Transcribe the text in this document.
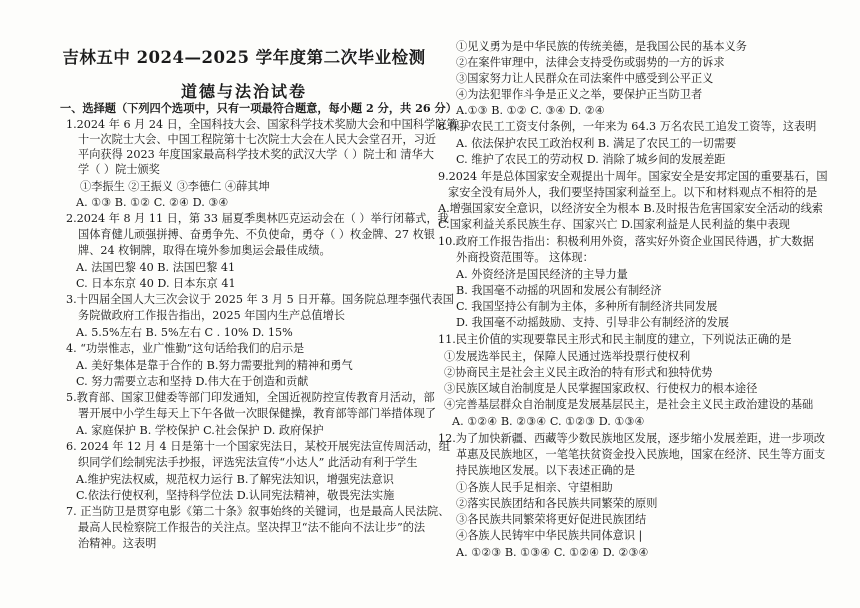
吉林五中 2024—2025 学年度第二次毕业检测
道德与法治试卷
一、选择题（下列四个选项中，只有一项最符合题意，每小题 2 分，共 26 分）
1.2024 年 6 月 24 日，全国科技大会、国家科学技术奖励大会和中国科学院第二
十一次院士大会、中国工程院第十七次院士大会在人民大会堂召开，习近
平向获得 2023 年度国家最高科学技术奖的武汉大学（ ）院士和 清华大
学（ ）院士颁奖
①李振生 ②王振义 ③李德仁 ④薛其坤
A. ①③ B. ①② C. ②④ D. ③④
2.2024 年 8 月 11 日，第 33 届夏季奥林匹克运动会在（ ）举行闭幕式，我
国体育健儿顽强拼搏、奋勇争先、不负使命，勇夺（ ）枚金牌、27 枚银
牌、24 枚铜牌，取得在境外参加奥运会最佳成绩。
A. 法国巴黎 40 B. 法国巴黎 41
C. 日本东京 40 D. 日本东京 41
3.十四届全国人大三次会议于 2025 年 3 月 5 日开幕。国务院总理李强代表国
务院做政府工作报告指出，2025 年国内生产总值增长
A. 5.5%左右 B. 5%左右 C . 10% D. 15%
4. “功崇惟志，业广惟勤”这句话给我们的启示是
A. 美好集体是靠于合作的 B.努力需要批判的精神和勇气
C. 努力需要立志和坚持 D.伟大在于创造和贡献
5.教育部、国家卫健委等部门印发通知，全国近视防控宣传教育月活动，部
署开展中小学生每天上下午各做一次眼保健操，教育部等部门举措体现了
A. 家庭保护 B. 学校保护 C.社会保护 D. 政府保护
6. 2024 年 12 月 4 日是第十一个国家宪法日，某校开展宪法宣传周活动，组
织同学们绘制宪法手抄报，评选宪法宣传“小达人” 此活动有利于学生
A.维护宪法权威，规范权力运行 B.了解宪法知识，增强宪法意识
C.依法行使权利，坚持科学位法 D.认同宪法精神，敬畏宪法实施
7. 正当防卫是贯穿电影《第二十条》叙事始终的关键词，也是最高人民法院、
最高人民检察院工作报告的关注点。坚决捍卫“法不能向不法让步”的法
治精神。这表明
①见义勇为是中华民族的传统美德，是我国公民的基本义务
②在案件审理中，法律会支持受伤或弱势的一方的诉求
③国家努力让人民群众在司法案件中感受到公平正义
④为法犯罪作斗争是正义之举，要保护正当防卫者
A.①③ B. ①② C. ③④ D. ②④
8.保护农民工工资支付条例，一年来为 64.3 万名农民工追发工资等，这表明
A. 依法保护农民工政治权利 B. 满足了农民工的一切需要
C. 维护了农民工的劳动权 D. 消除了城乡间的发展差距
9.2024 年是总体国家安全观提出十周年。国家安全是安邦定国的重要基石，国
家安全没有局外人，我们要坚持国家利益至上。以下和材料观点不相符的是
A.增强国家安全意识，以经济安全为根本 B.及时报告危害国家安全活动的线索
C.国家利益关系民族生存、国家兴亡 D.国家利益是人民利益的集中表现
10.政府工作报告指出：积极利用外资，落实好外资企业国民待遇，扩大数据
外商投资范围等。 这体现：
A. 外资经济是国民经济的主导力量
B. 我国毫不动摇的巩固和发展公有制经济
C. 我国坚持公有制为主体，多种所有制经济共同发展
D. 我国毫不动摇鼓励、支持、引导非公有制经济的发展
11.民主价值的实现要靠民主形式和民主制度的建立，下列说法正确的是
①发展选举民主，保障人民通过选举投票行使权利
②协商民主是社会主义民主政治的特有形式和独特优势
③民族区域自治制度是人民掌握国家政权、行使权力的根本途径
④完善基层群众自治制度是发展基层民主，是社会主义民主政治建设的基础
A. ①②④ B. ②③④ C. ①②③ D. ①③④
12.为了加快新疆、西藏等少数民族地区发展，逐步缩小发展差距，进一步项改
革惠及民族地区，一笔笔扶贫资金投入民族地，国家在经济、民生等方面支
持民族地区发展。以下表述正确的是
①各族人民手足相亲、守望相助
②落实民族团结和各民族共同繁荣的原则
③各民族共同繁荣将更好促进民族团结
④各族人民铸牢中华民族共同体意识 |
A. ①②③ B. ①③④ C. ①②④ D. ②③④
